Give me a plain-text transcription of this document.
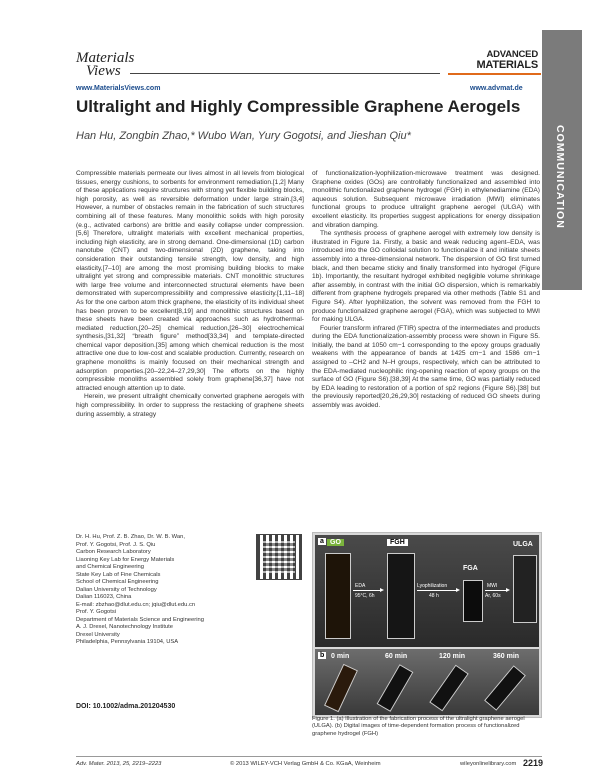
Materials
Views
www.MaterialsViews.com
ADVANCED
MATERIALS
www.advmat.de
COMMUNICATION
Ultralight and Highly Compressible Graphene Aerogels
Han Hu, Zongbin Zhao,* Wubo Wan, Yury Gogotsi, and Jieshan Qiu*

Compressible materials permeate our lives almost in all levels from biological tissues, energy cushions, to sorbents for environment remediation.[1,2] Many of these applications require structures with strong yet flexible building blocks, high porosity, as well as reversible deformation under large strain.[3,4] However, a number of obstacles remain in the fabrication of such structures combining all of these features. Many monolithic solids with high porosity (e.g., activated carbons) are brittle and easily collapse under compression.[5,6] Therefore, ultralight materials with excellent mechanical properties, including high elasticity, are in strong demand. One-dimensional (1D) carbon nanotube (CNT) and two-dimensional (2D) graphene, taking into consideration their outstanding tensile strength, low density, and high elasticity,[7–10] are among the most promising building blocks to make ultralight yet strong and compressible materials. CNT monolithic structures with large free volume and interconnected structural elements have been demonstrated with supercompressibility and compressive elasticity.[1,11–18] As for the one carbon atom thick graphene, the elasticity of its individual sheet has been proven to be excellent[8,19] and monolithic structures based on these sheets have been created via approaches such as hydrothermal-mediated reduction,[20–25] chemical reduction,[26–30] electrochemical synthesis,[31,32] “breath figure” method[33,34] and template-directed chemical vapor deposition.[35] among which chemical reduction is the most attractive one due to low-cost and scalable production. Currently, research on graphene monoliths is mainly focused on their mechanical strength and adsorption properties.[20–22,24–27,29,30] The efforts on the highly compressible monoliths assembled solely from graphene[36,37] have not attracted enough attention up to date.

Herein, we present ultralight chemically converted graphene aerogels with high compressibility. In order to suppress the restacking of graphene sheets during assembly, a strategy

of functionalization-lyophilization-microwave treatment was designed. Graphene oxides (GOs) are controllably functionalized and assembled into monolithic functionalized graphene hydrogel (FGH) in ethylenediamine (EDA) aqueous solution. Subsequent microwave irradiation (MWI) eliminates functional groups to produce ultralight graphene aerogel (ULGA) with excellent elasticity. Its properties suggest applications for energy dissipation and vibration damping.

The synthesis process of graphene aerogel with extremely low density is illustrated in Figure 1a. Firstly, a basic and weak reducing agent–EDA, was introduced into the GO colloidal solution to functionalize it and initiate sheets assembly into a three-dimensional network. The dispersion of GO first turned black, and then became sticky and finally transformed into hydrogel (Figure 1b). Importantly, the resultant hydrogel exhibited negligible volume shrinkage after assembly, in contrast with the initial GO dispersion, which is remarkably different from graphene hydrogels prepared via other methods (Table S1 and Figure S4). After lyophilization, the solvent was removed from the FGH to produce functionalized graphene aerogel (FGA), which was subjected to MWI for making ULGA.

Fourier transform infrared (FTIR) spectra of the intermediates and products during the EDA functionalization-assembly process were shown in Figure S5. Initially, the band at 1050 cm−1 corresponding to the epoxy groups gradually weakens with the appearance of bands at 1425 cm−1 and 1586 cm−1 assigned to –CH2 and N–H groups, respectively, which can be attributed to the EDA-mediated nucleophilic ring-opening reaction of epoxy groups on the surface of GO (Figure S6).[38,39] At the same time, GO was partially reduced by EDA leading to restoration of a portion of sp2 regions (Figure S6).[38] but the previously reported[20,26,29,30] restacking of reduced GO sheets during assembly was avoided.

Dr. H. Hu, Prof. Z. B. Zhao, Dr. W. B. Wan,
Prof. Y. Gogotsi, Prof. J. S. Qiu
Carbon Research Laboratory
Liaoning Key Lab for Energy Materials
and Chemical Engineering
State Key Lab of Fine Chemicals
School of Chemical Engineering
Dalian University of Technology
Dalian 116023, China
E-mail: zbzhao@dlut.edu.cn; jqiu@dlut.edu.cn
Prof. Y. Gogotsi
Department of Materials Science and Engineering
A. J. Drexel, Nanotechnology Institute
Drexel University
Philadelphia, Pennsylvania 19104, USA
DOI: 10.1002/adma.201204530
a GO	FGH
FGA
ULGA
EDA
95°C, 6h
Lyophilization
48 h
MWI
Ar, 60s
b 0 min	60 min	120 min	360 min
Figure 1. (a) Illustration of the fabrication process of the ultralight graphene aerogel (ULGA). (b) Digital images of time-dependent formation process of functionalized graphene hydrogel (FGH)
Adv. Mater. 2013, 25, 2219–2223	© 2013 WILEY-VCH Verlag GmbH & Co. KGaA, Weinheim	wileyonlinelibrary.com 2219
